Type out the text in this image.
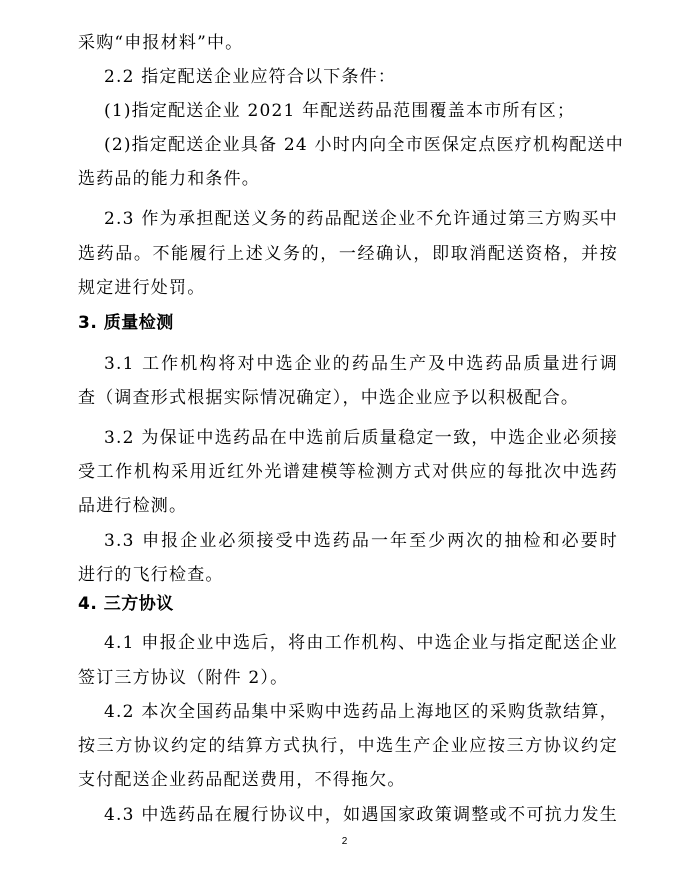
采购“申报材料”中。
2.2 指定配送企业应符合以下条件：
(1)指定配送企业 2021 年配送药品范围覆盖本市所有区；
(2)指定配送企业具备 24 小时内向全市医保定点医疗机构配送中
选药品的能力和条件。
2.3 作为承担配送义务的药品配送企业不允许通过第三方购买中
选药品。不能履行上述义务的，一经确认，即取消配送资格，并按
规定进行处罚。
3. 质量检测
3.1 工作机构将对中选企业的药品生产及中选药品质量进行调
查（调查形式根据实际情况确定），中选企业应予以积极配合。
3.2 为保证中选药品在中选前后质量稳定一致，中选企业必须接
受工作机构采用近红外光谱建模等检测方式对供应的每批次中选药
品进行检测。
3.3 申报企业必须接受中选药品一年至少两次的抽检和必要时
进行的飞行检查。
4. 三方协议
4.1 申报企业中选后，将由工作机构、中选企业与指定配送企业
签订三方协议（附件 2）。
4.2 本次全国药品集中采购中选药品上海地区的采购货款结算，
按三方协议约定的结算方式执行，中选生产企业应按三方协议约定
支付配送企业药品配送费用，不得拖欠。
4.3 中选药品在履行协议中，如遇国家政策调整或不可抗力发生
2
